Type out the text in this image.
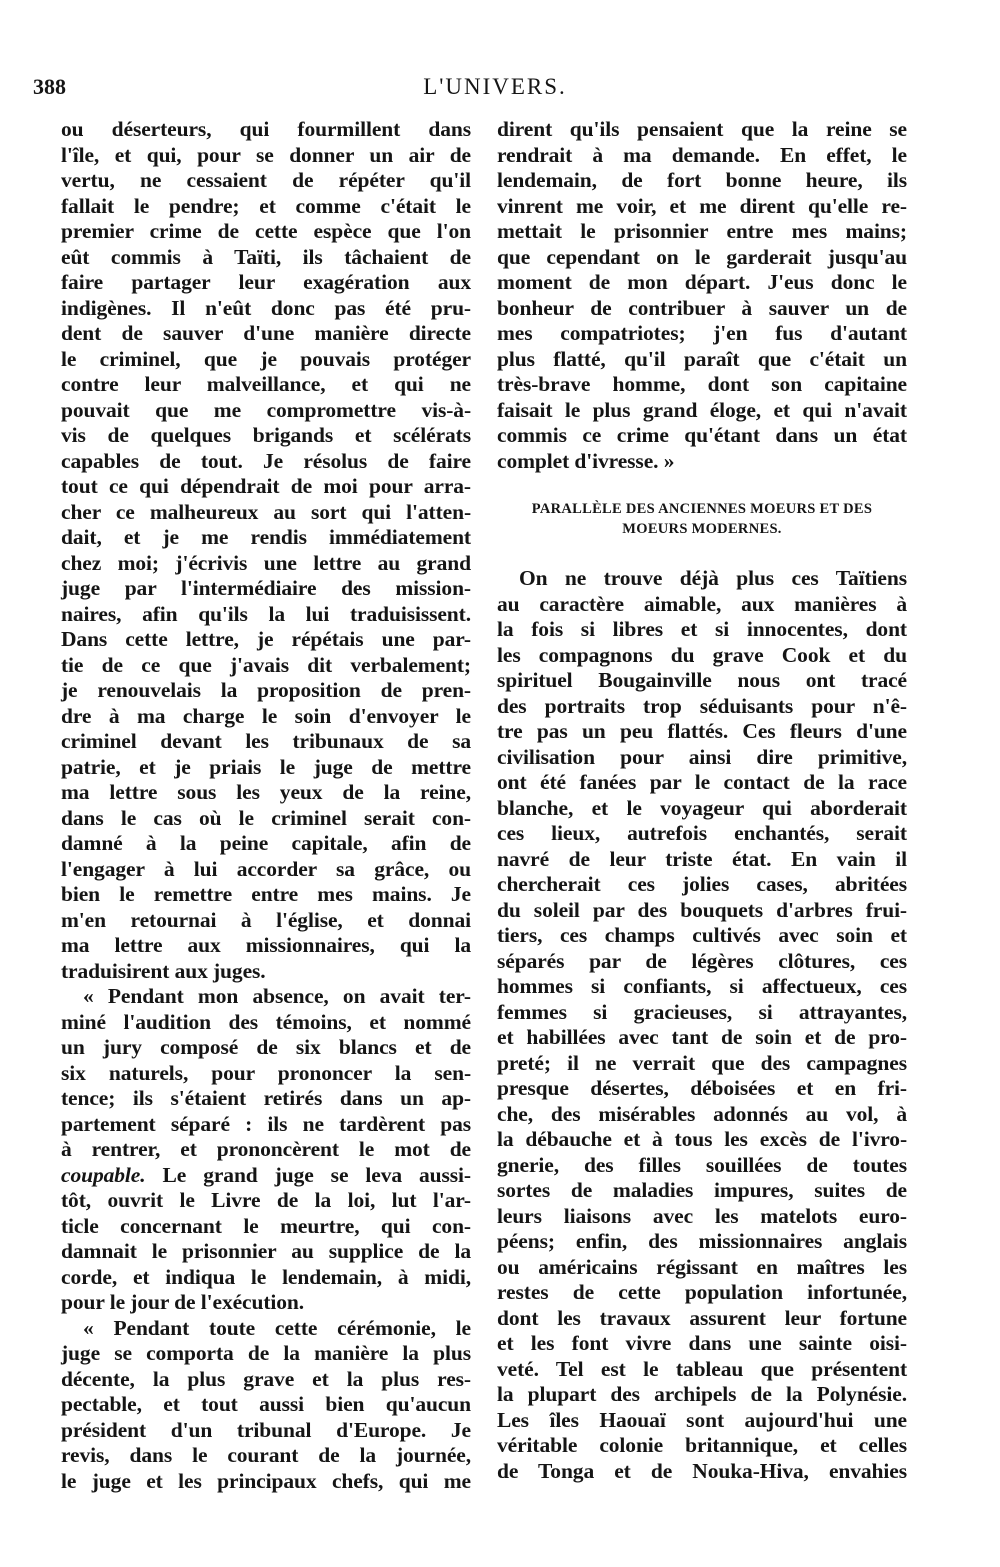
388	L'UNIVERS.
ou déserteurs, qui fourmillent dans
l'île, et qui, pour se donner un air de
vertu, ne cessaient de répéter qu'il
fallait le pendre; et comme c'était le
premier crime de cette espèce que l'on
eût commis à Taïti, ils tâchaient de
faire partager leur exagération aux
indigènes. Il n'eût donc pas été pru-
dent de sauver d'une manière directe
le criminel, que je pouvais protéger
contre leur malveillance, et qui ne
pouvait que me compromettre vis-à-
vis de quelques brigands et scélérats
capables de tout. Je résolus de faire
tout ce qui dépendrait de moi pour arra-
cher ce malheureux au sort qui l'atten-
dait, et je me rendis immédiatement
chez moi; j'écrivis une lettre au grand
juge par l'intermédiaire des mission-
naires, afin qu'ils la lui traduisissent.
Dans cette lettre, je répétais une par-
tie de ce que j'avais dit verbalement;
je renouvelais la proposition de pren-
dre à ma charge le soin d'envoyer le
criminel devant les tribunaux de sa
patrie, et je priais le juge de mettre
ma lettre sous les yeux de la reine,
dans le cas où le criminel serait con-
damné à la peine capitale, afin de
l'engager à lui accorder sa grâce, ou
bien le remettre entre mes mains. Je
m'en retournai à l'église, et donnai
ma lettre aux missionnaires, qui la
traduisirent aux juges.
« Pendant mon absence, on avait ter-
miné l'audition des témoins, et nommé
un jury composé de six blancs et de
six naturels, pour prononcer la sen-
tence; ils s'étaient retirés dans un ap-
partement séparé : ils ne tardèrent pas
à rentrer, et prononcèrent le mot de
coupable. Le grand juge se leva aussi-
tôt, ouvrit le Livre de la loi, lut l'ar-
ticle concernant le meurtre, qui con-
damnait le prisonnier au supplice de la
corde, et indiqua le lendemain, à midi,
pour le jour de l'exécution.
« Pendant toute cette cérémonie, le
juge se comporta de la manière la plus
décente, la plus grave et la plus res-
pectable, et tout aussi bien qu'aucun
président d'un tribunal d'Europe. Je
revis, dans le courant de la journée,
le juge et les principaux chefs, qui me
dirent qu'ils pensaient que la reine se
rendrait à ma demande. En effet, le
lendemain, de fort bonne heure, ils
vinrent me voir, et me dirent qu'elle re-
mettait le prisonnier entre mes mains;
que cependant on le garderait jusqu'au
moment de mon départ. J'eus donc le
bonheur de contribuer à sauver un de
mes compatriotes; j'en fus d'autant
plus flatté, qu'il paraît que c'était un
très-brave homme, dont son capitaine
faisait le plus grand éloge, et qui n'avait
commis ce crime qu'étant dans un état
complet d'ivresse. »
PARALLÈLE DES ANCIENNES MOEURS ET DES
MOEURS MODERNES.
On ne trouve déjà plus ces Taïtiens
au caractère aimable, aux manières à
la fois si libres et si innocentes, dont
les compagnons du grave Cook et du
spirituel Bougainville nous ont tracé
des portraits trop séduisants pour n'ê-
tre pas un peu flattés. Ces fleurs d'une
civilisation pour ainsi dire primitive,
ont été fanées par le contact de la race
blanche, et le voyageur qui aborderait
ces lieux, autrefois enchantés, serait
navré de leur triste état. En vain il
chercherait ces jolies cases, abritées
du soleil par des bouquets d'arbres frui-
tiers, ces champs cultivés avec soin et
séparés par de légères clôtures, ces
hommes si confiants, si affectueux, ces
femmes si gracieuses, si attrayantes,
et habillées avec tant de soin et de pro-
preté; il ne verrait que des campagnes
presque désertes, déboisées et en fri-
che, des misérables adonnés au vol, à
la débauche et à tous les excès de l'ivro-
gnerie, des filles souillées de toutes
sortes de maladies impures, suites de
leurs liaisons avec les matelots euro-
péens; enfin, des missionnaires anglais
ou américains régissant en maîtres les
restes de cette population infortunée,
dont les travaux assurent leur fortune
et les font vivre dans une sainte oisi-
veté. Tel est le tableau que présentent
la plupart des archipels de la Polynésie.
Les îles Haouaï sont aujourd'hui une
véritable colonie britannique, et celles
de Tonga et de Nouka-Hiva, envahies
